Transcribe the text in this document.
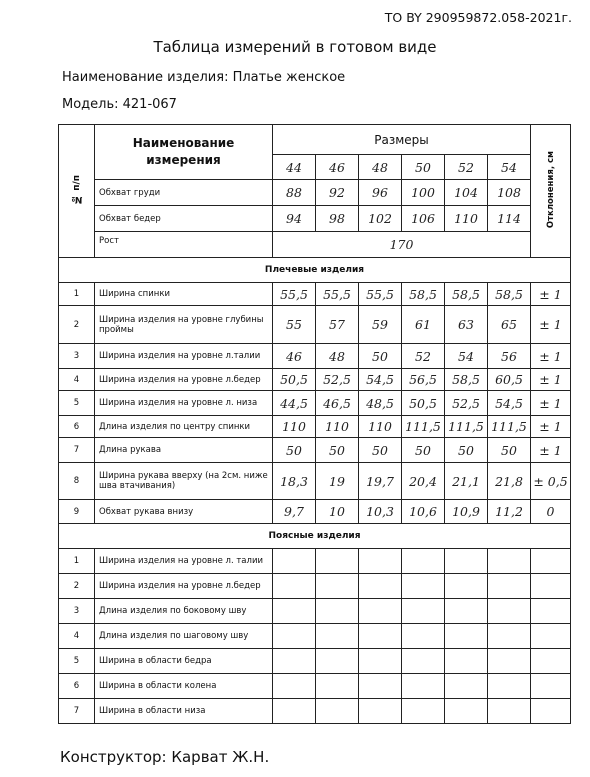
ТО BY 290959872.058-2021г.
Таблица измерений в готовом виде
Наименование изделия: Платье женское
Модель: 421-067
№ п/п	Наименование измерения	Размеры						Отклонения, см
		44	46	48	50	52	54	
	Обхват груди	88	92	96	100	104	108	
	Обхват бедер	94	98	102	106	110	114	
	Рост	170						
Плечевые изделия								
1	Ширина спинки	55,5	55,5	55,5	58,5	58,5	58,5	± 1
2	Ширина изделия на уровне глубины проймы	55	57	59	61	63	65	± 1
3	Ширина изделия на уровне л.талии	46	48	50	52	54	56	± 1
4	Ширина изделия на уровне л.бедер	50,5	52,5	54,5	56,5	58,5	60,5	± 1
5	Ширина изделия на уровне л. низа	44,5	46,5	48,5	50,5	52,5	54,5	± 1
6	Длина изделия по центру спинки	110	110	110	111,5	111,5	111,5	± 1
7	Длина рукава	50	50	50	50	50	50	± 1
8	Ширина рукава вверху (на 2см. ниже шва втачивания)	18,3	19	19,7	20,4	21,1	21,8	± 0,5
9	Обхват рукава внизу	9,7	10	10,3	10,6	10,9	11,2	0
Поясные изделия								
1	Ширина изделия на уровне л. талии							
2	Ширина изделия на уровне л.бедер							
3	Длина изделия по боковому шву							
4	Длина изделия по шаговому шву							
5	Ширина в области бедра							
6	Ширина в области колена							
7	Ширина в области низа							
Конструктор: Карват Ж.Н.
